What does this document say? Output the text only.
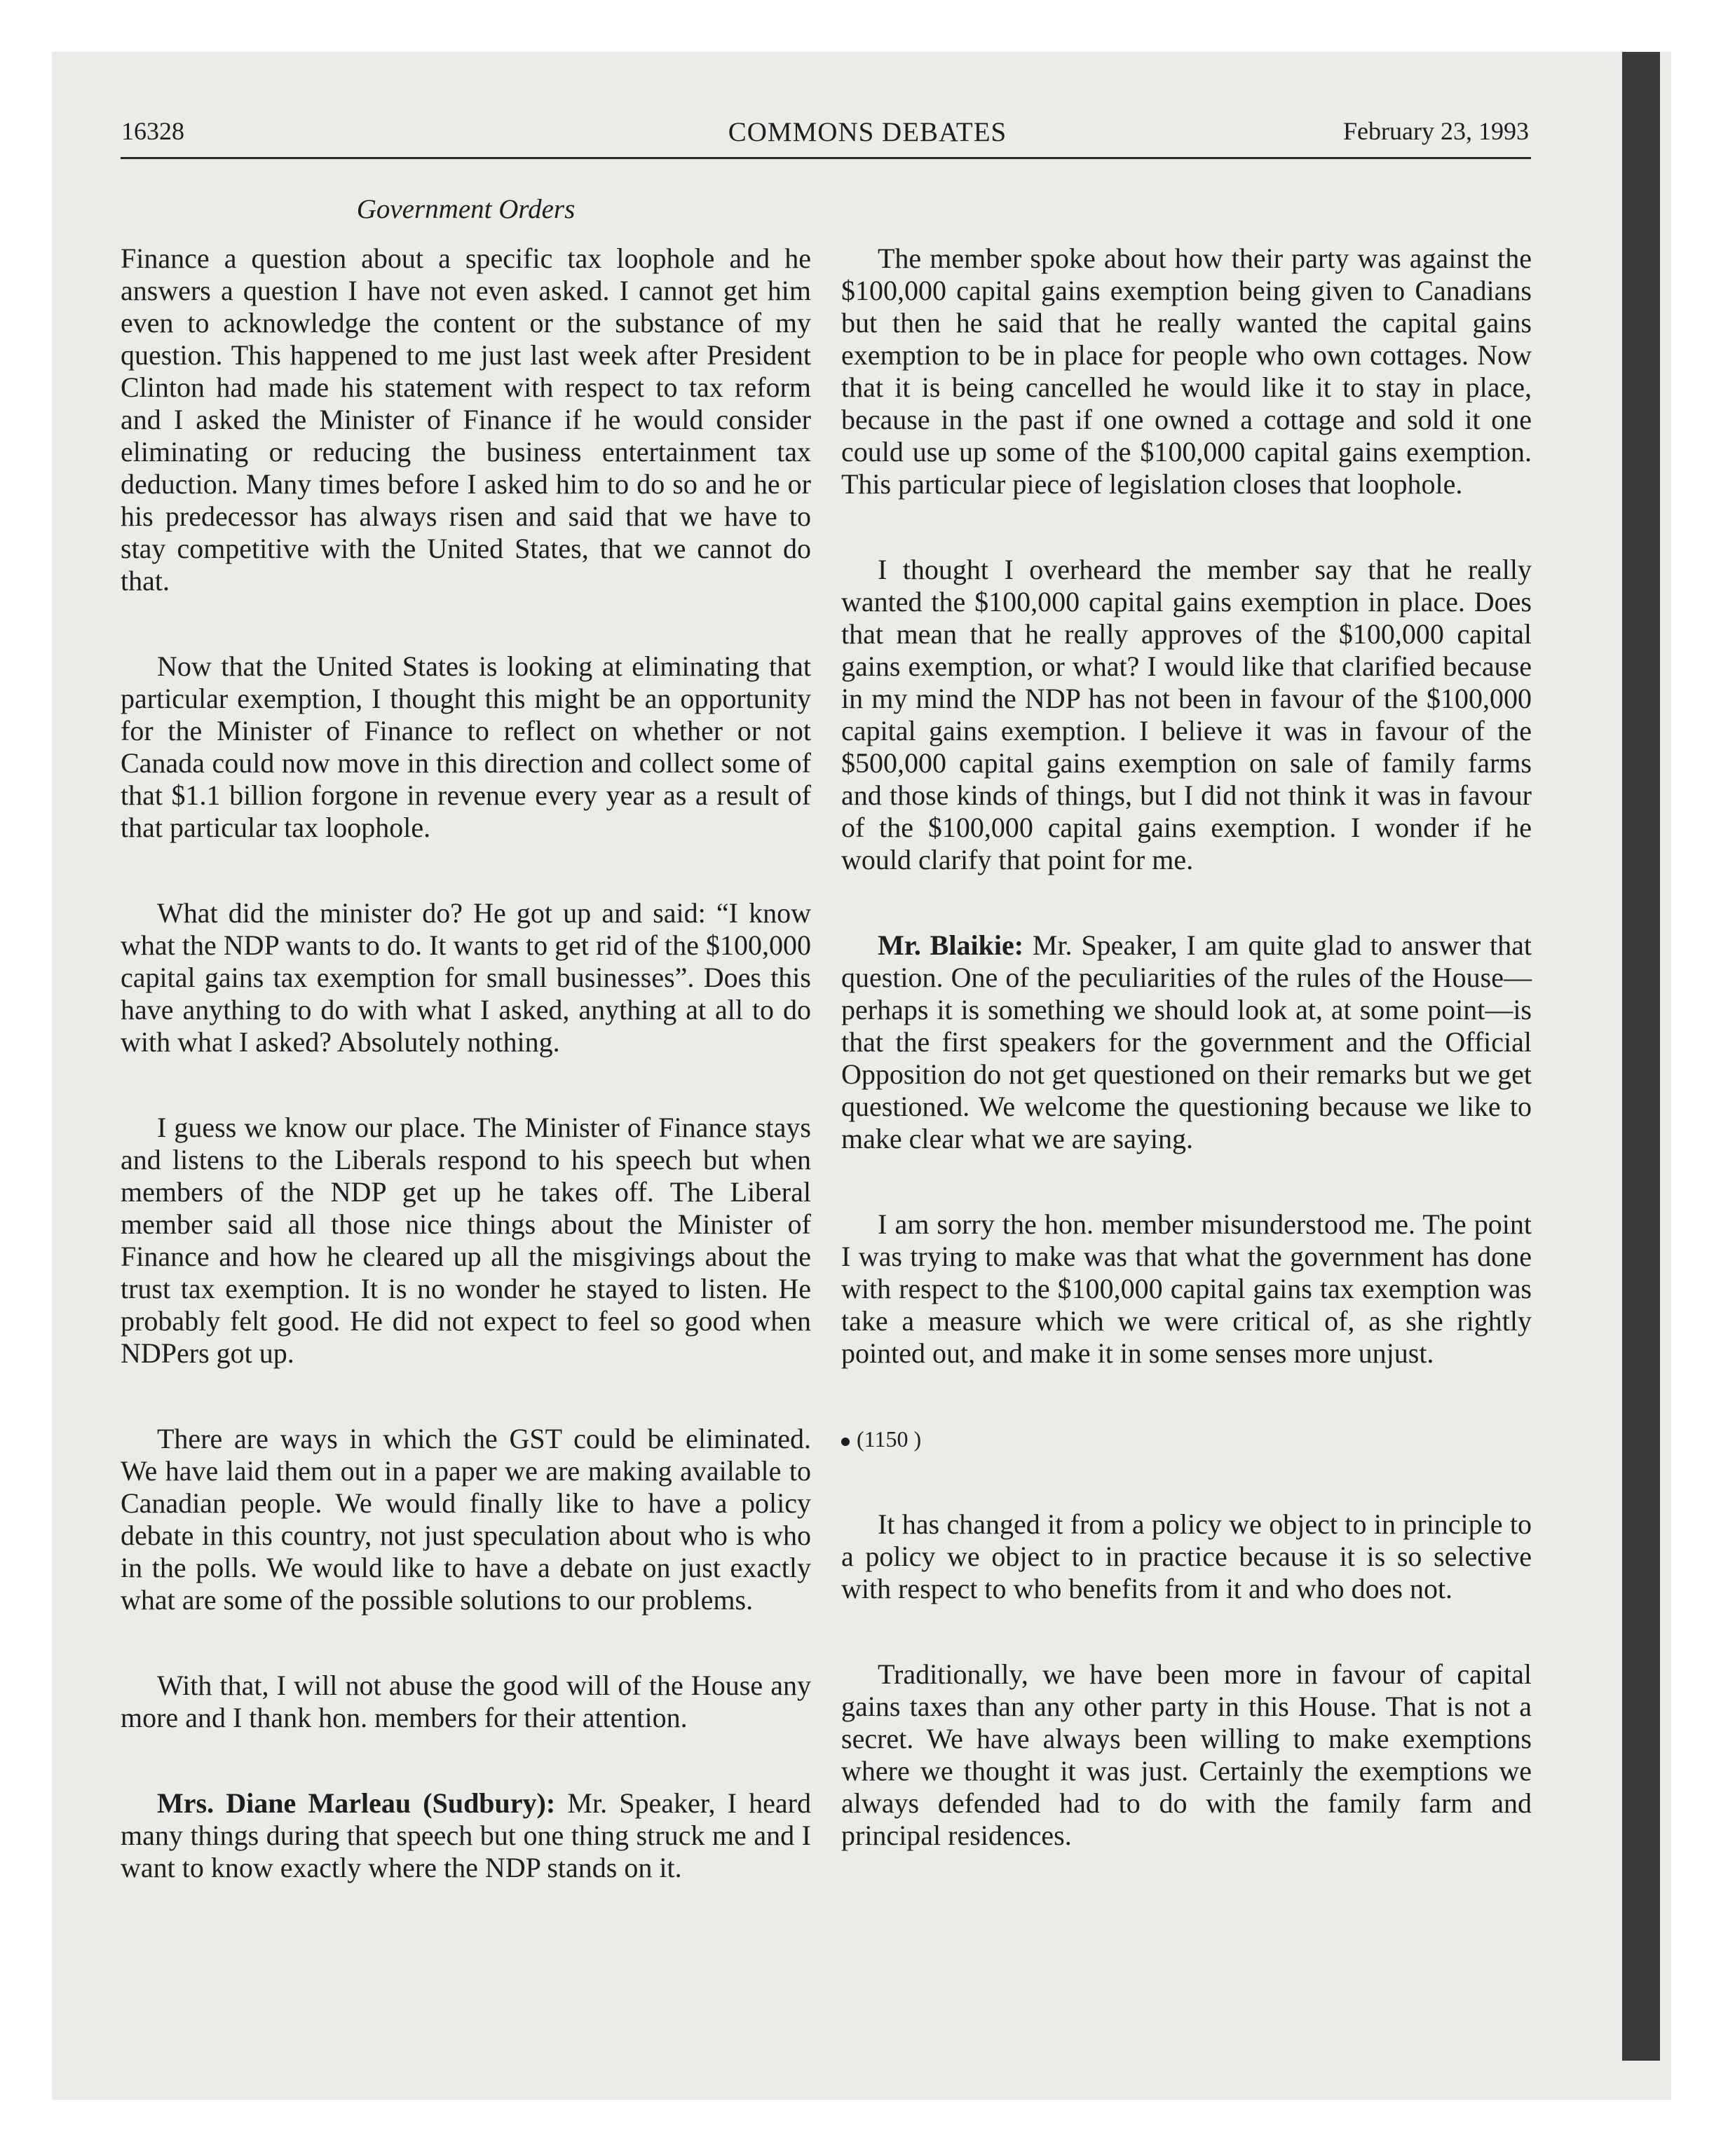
16328	COMMONS DEBATES	February 23, 1993
Government Orders

Finance a question about a specific tax loophole and he answers a question I have not even asked. I cannot get him even to acknowledge the content or the substance of my question. This happened to me just last week after President Clinton had made his statement with respect to tax reform and I asked the Minister of Finance if he would consider eliminating or reducing the business entertainment tax deduction. Many times before I asked him to do so and he or his predecessor has always risen and said that we have to stay competitive with the United States, that we cannot do that.

Now that the United States is looking at eliminating that particular exemption, I thought this might be an opportunity for the Minister of Finance to reflect on whether or not Canada could now move in this direction and collect some of that $1.1 billion forgone in revenue every year as a result of that particular tax loophole.

What did the minister do? He got up and said: “I know what the NDP wants to do. It wants to get rid of the $100,000 capital gains tax exemption for small businesses”. Does this have anything to do with what I asked, anything at all to do with what I asked? Absolutely nothing.

I guess we know our place. The Minister of Finance stays and listens to the Liberals respond to his speech but when members of the NDP get up he takes off. The Liberal member said all those nice things about the Minister of Finance and how he cleared up all the misgivings about the trust tax exemption. It is no wonder he stayed to listen. He probably felt good. He did not expect to feel so good when NDPers got up.

There are ways in which the GST could be eliminated. We have laid them out in a paper we are making available to Canadian people. We would finally like to have a policy debate in this country, not just speculation about who is who in the polls. We would like to have a debate on just exactly what are some of the possible solutions to our problems.

With that, I will not abuse the good will of the House any more and I thank hon. members for their attention.

Mrs. Diane Marleau (Sudbury): Mr. Speaker, I heard many things during that speech but one thing struck me and I want to know exactly where the NDP stands on it.

The member spoke about how their party was against the $100,000 capital gains exemption being given to Canadians but then he said that he really wanted the capital gains exemption to be in place for people who own cottages. Now that it is being cancelled he would like it to stay in place, because in the past if one owned a cottage and sold it one could use up some of the $100,000 capital gains exemption. This particular piece of legislation closes that loophole.

I thought I overheard the member say that he really wanted the $100,000 capital gains exemption in place. Does that mean that he really approves of the $100,000 capital gains exemption, or what? I would like that clarified because in my mind the NDP has not been in favour of the $100,000 capital gains exemption. I believe it was in favour of the $500,000 capital gains exemption on sale of family farms and those kinds of things, but I did not think it was in favour of the $100,000 capital gains exemption. I wonder if he would clarify that point for me.

Mr. Blaikie: Mr. Speaker, I am quite glad to answer that question. One of the peculiarities of the rules of the House—perhaps it is something we should look at, at some point—is that the first speakers for the government and the Official Opposition do not get questioned on their remarks but we get questioned. We welcome the questioning because we like to make clear what we are saying.

I am sorry the hon. member misunderstood me. The point I was trying to make was that what the government has done with respect to the $100,000 capital gains tax exemption was take a measure which we were critical of, as she rightly pointed out, and make it in some senses more unjust.

(1150 )

It has changed it from a policy we object to in principle to a policy we object to in practice because it is so selective with respect to who benefits from it and who does not.

Traditionally, we have been more in favour of capital gains taxes than any other party in this House. That is not a secret. We have always been willing to make exemptions where we thought it was just. Certainly the exemptions we always defended had to do with the family farm and principal residences.
